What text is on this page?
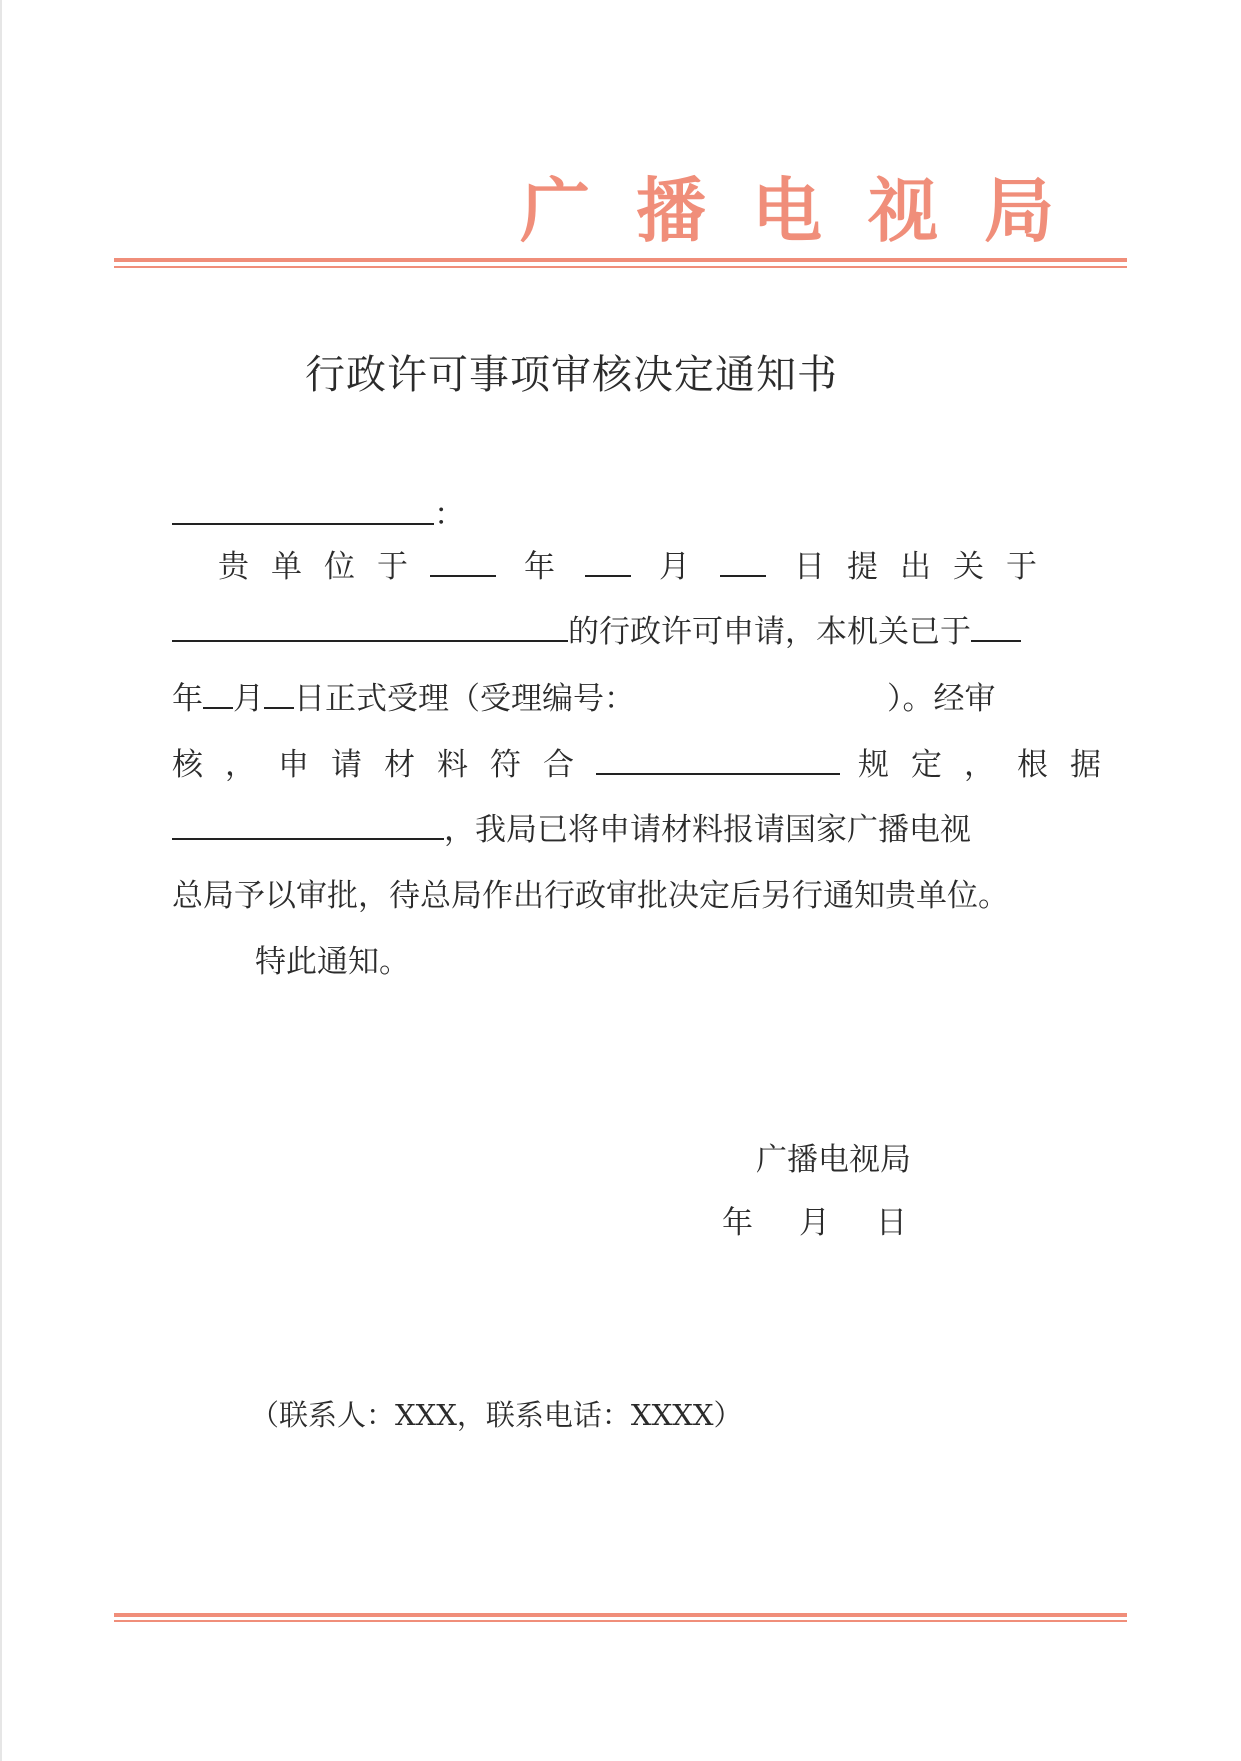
广 播 电 视 局
行政许可事项审核决定通知书
：
贵单位于	年	月	日提出关于
的行政许可申请，本机关已于
年 月 日正式受理（受理编号：	）。经审
核，申请材料符合	规定，根据
，我局已将申请材料报请国家广播电视
总局予以审批，待总局作出行政审批决定后另行通知贵单位。
特此通知。
广播电视局
年 月 日
（联系人：XXX，联系电话：XXXX）
